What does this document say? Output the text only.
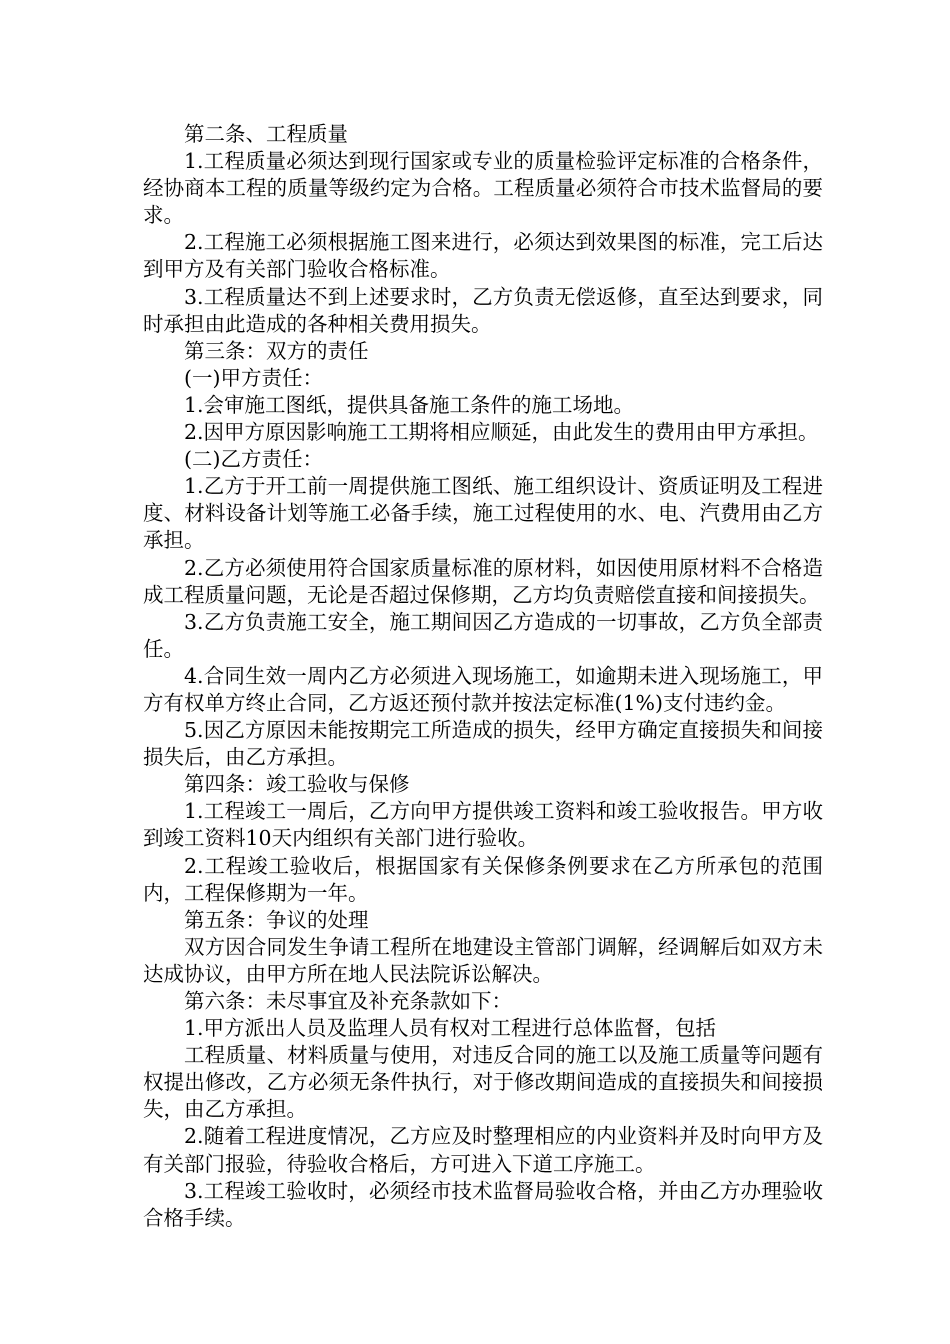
第二条、工程质量

1.工程质量必须达到现行国家或专业的质量检验评定标准的合格条件，经协商本工程的质量等级约定为合格。工程质量必须符合市技术监督局的要求。

2.工程施工必须根据施工图来进行，必须达到效果图的标准，完工后达到甲方及有关部门验收合格标准。

3.工程质量达不到上述要求时，乙方负责无偿返修，直至达到要求，同时承担由此造成的各种相关费用损失。

第三条：双方的责任

(一)甲方责任：

1.会审施工图纸，提供具备施工条件的施工场地。

2.因甲方原因影响施工工期将相应顺延，由此发生的费用由甲方承担。

(二)乙方责任：

1.乙方于开工前一周提供施工图纸、施工组织设计、资质证明及工程进度、材料设备计划等施工必备手续，施工过程使用的水、电、汽费用由乙方承担。

2.乙方必须使用符合国家质量标准的原材料，如因使用原材料不合格造成工程质量问题，无论是否超过保修期，乙方均负责赔偿直接和间接损失。

3.乙方负责施工安全，施工期间因乙方造成的一切事故，乙方负全部责任。

4.合同生效一周内乙方必须进入现场施工，如逾期未进入现场施工，甲方有权单方终止合同，乙方返还预付款并按法定标准(1%)支付违约金。

5.因乙方原因未能按期完工所造成的损失，经甲方确定直接损失和间接损失后，由乙方承担。

第四条：竣工验收与保修

1.工程竣工一周后，乙方向甲方提供竣工资料和竣工验收报告。甲方收到竣工资料10天内组织有关部门进行验收。

2.工程竣工验收后，根据国家有关保修条例要求在乙方所承包的范围内，工程保修期为一年。

第五条：争议的处理

双方因合同发生争请工程所在地建设主管部门调解，经调解后如双方未达成协议，由甲方所在地人民法院诉讼解决。

第六条：未尽事宜及补充条款如下：

1.甲方派出人员及监理人员有权对工程进行总体监督，包括

工程质量、材料质量与使用，对违反合同的施工以及施工质量等问题有权提出修改，乙方必须无条件执行，对于修改期间造成的直接损失和间接损失，由乙方承担。

2.随着工程进度情况，乙方应及时整理相应的内业资料并及时向甲方及有关部门报验，待验收合格后，方可进入下道工序施工。

3.工程竣工验收时，必须经市技术监督局验收合格，并由乙方办理验收合格手续。
